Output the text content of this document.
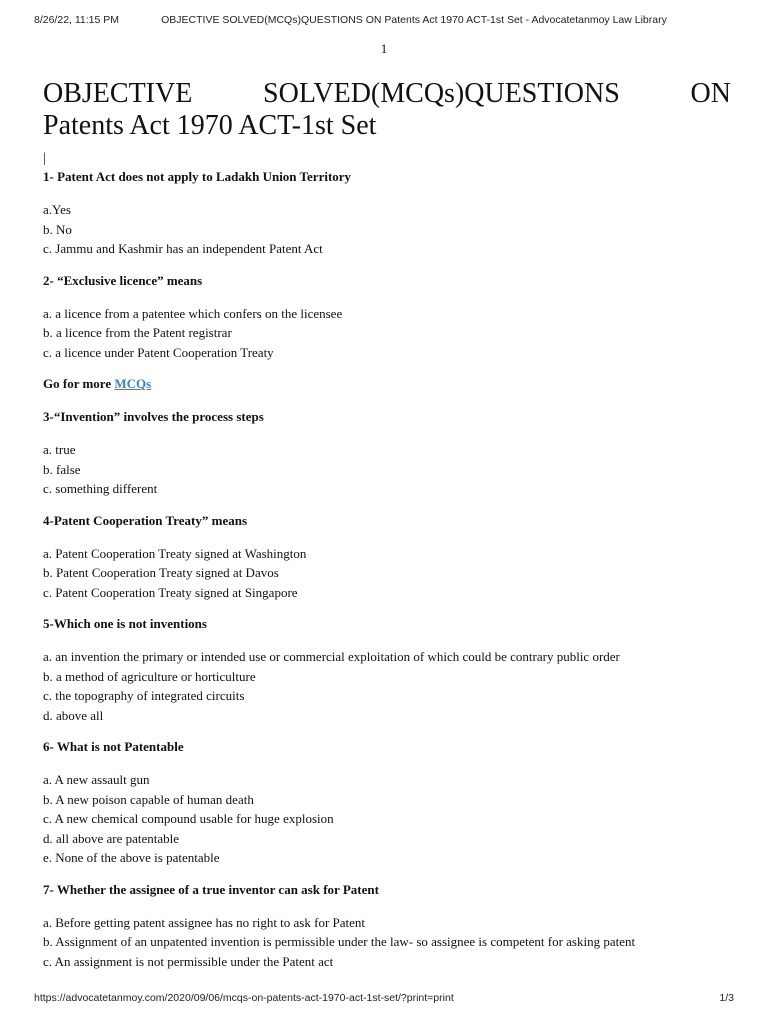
8/26/22, 11:15 PM	OBJECTIVE SOLVED(MCQs)QUESTIONS ON Patents Act 1970 ACT-1st Set - Advocatetanmoy Law Library
1
OBJECTIVE	SOLVED(MCQs)QUESTIONS	ON
Patents Act 1970 ACT-1st Set
|

1- Patent Act does not apply to Ladakh Union Territory

a.Yes
b. No
c. Jammu and Kashmir has an independent Patent Act

2- “Exclusive licence” means

a. a licence from a patentee which confers on the licensee
b. a licence from the Patent registrar
c. a licence under Patent Cooperation Treaty

Go for more MCQs

3-“Invention” involves the process steps

a. true
b. false
c. something different

4-Patent Cooperation Treaty” means

a. Patent Cooperation Treaty signed at Washington
b. Patent Cooperation Treaty signed at Davos
c. Patent Cooperation Treaty signed at Singapore

5-Which one is not inventions

a. an invention the primary or intended use or commercial exploitation of which could be contrary public order
b. a method of agriculture or horticulture
c. the topography of integrated circuits
d. above all

6- What is not Patentable

a. A new assault gun
b. A new poison capable of human death
c. A new chemical compound usable for huge explosion
d. all above are patentable
e. None of the above is patentable

7- Whether the assignee of a true inventor can ask for Patent

a. Before getting patent assignee has no right to ask for Patent
b. Assignment of an unpatented invention is permissible under the law- so assignee is competent for asking patent
c. An assignment is not permissible under the Patent act
https://advocatetanmoy.com/2020/09/06/mcqs-on-patents-act-1970-act-1st-set/?print=print	1/3
